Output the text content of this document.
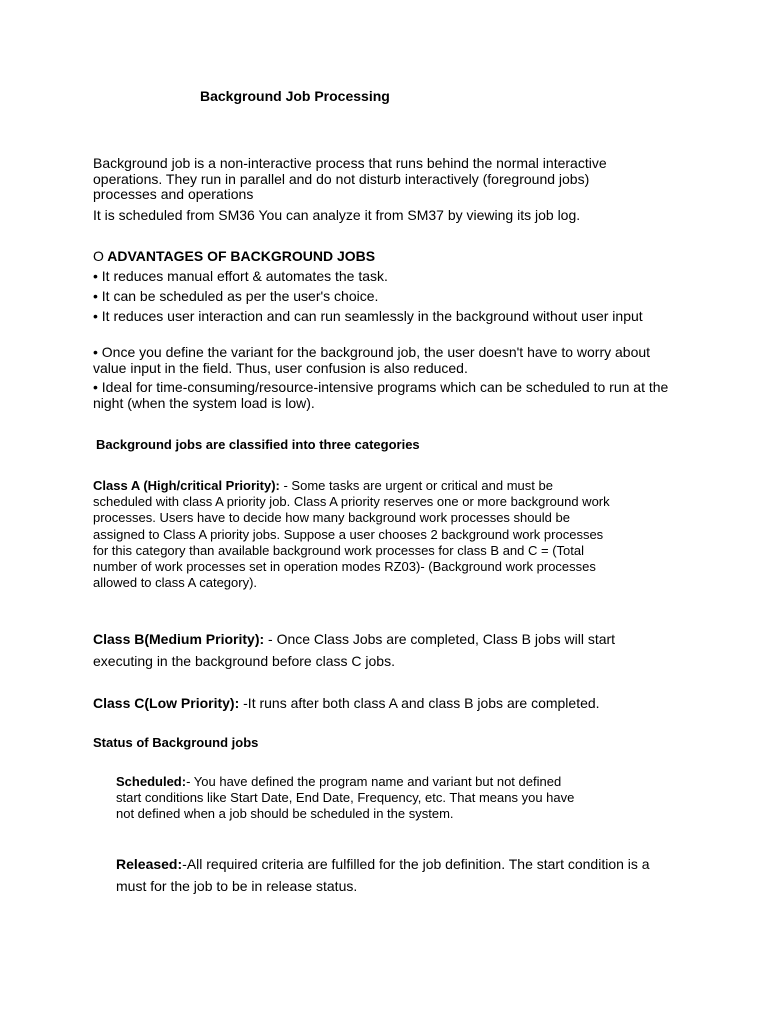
Background Job Processing

Background job is a non-interactive process that runs behind the normal interactive operations. They run in parallel and do not disturb interactively (foreground jobs) processes and operations

It is scheduled from SM36 You can analyze it from SM37 by viewing its job log.

O ADVANTAGES OF BACKGROUND JOBS

• It reduces manual effort & automates the task.

• It can be scheduled as per the user's choice.

• It reduces user interaction and can run seamlessly in the background without user input

• Once you define the variant for the background job, the user doesn't have to worry about value input in the field. Thus, user confusion is also reduced.

• Ideal for time-consuming/resource-intensive programs which can be scheduled to run at the night (when the system load is low).

Background jobs are classified into three categories

Class A (High/critical Priority): - Some tasks are urgent or critical and must be scheduled with class A priority job. Class A priority reserves one or more background work processes. Users have to decide how many background work processes should be assigned to Class A priority jobs. Suppose a user chooses 2 background work processes for this category than available background work processes for class B and C = (Total number of work processes set in operation modes RZ03)- (Background work processes allowed to class A category).

Class B(Medium Priority): - Once Class Jobs are completed, Class B jobs will start executing in the background before class C jobs.

Class C(Low Priority): -It runs after both class A and class B jobs are completed.

Status of Background jobs

Scheduled:- You have defined the program name and variant but not defined start conditions like Start Date, End Date, Frequency, etc. That means you have not defined when a job should be scheduled in the system.

Released:-All required criteria are fulfilled for the job definition. The start condition is a must for the job to be in release status.
